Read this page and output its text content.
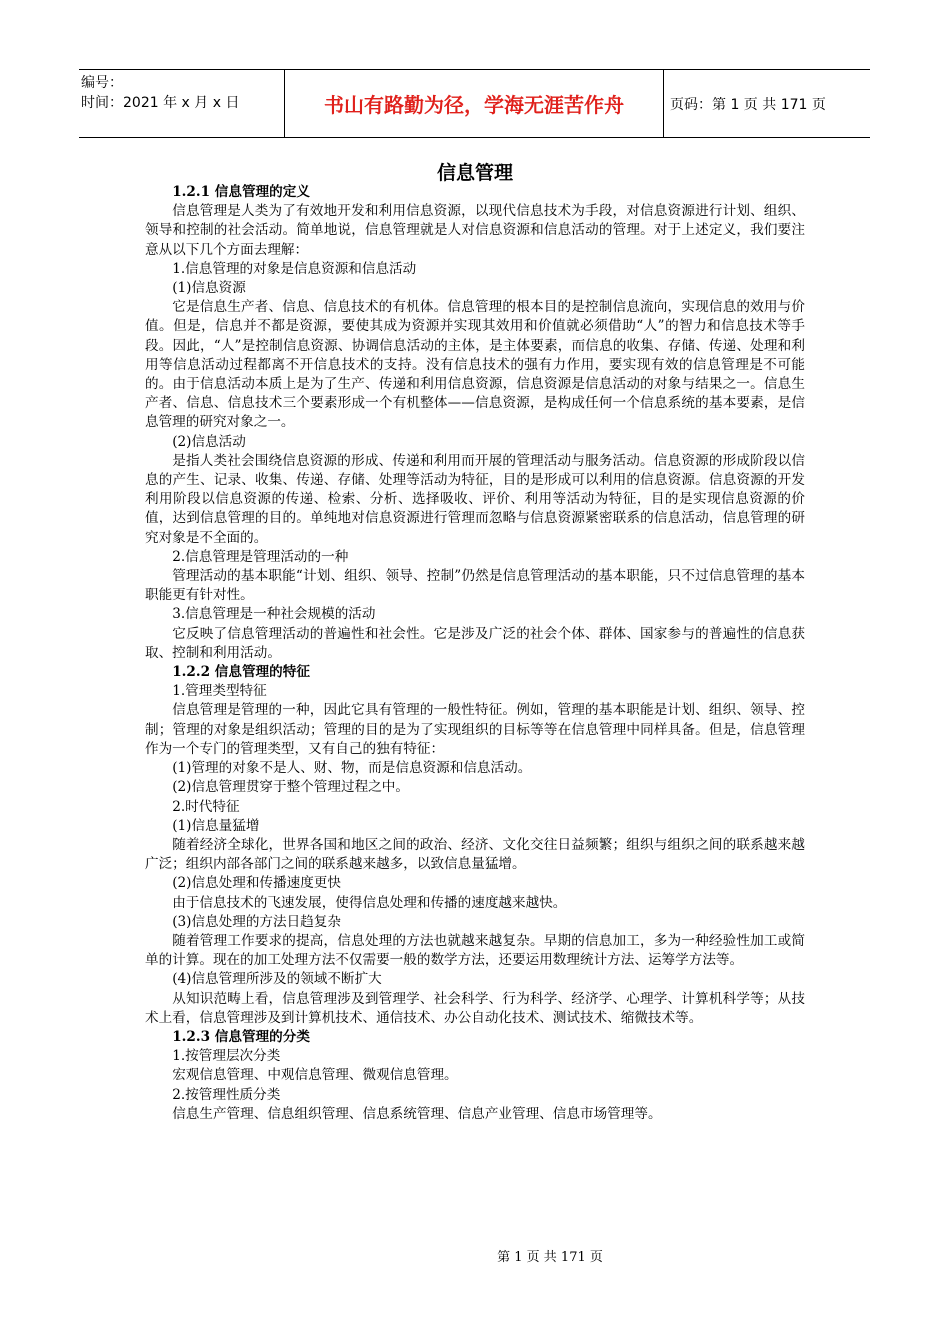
编号：
时间：2021 年 x 月 x 日	书山有路勤为径，学海无涯苦作舟	页码：第 1 页 共 171 页
信息管理
1.2.1 信息管理的定义

信息管理是人类为了有效地开发和利用信息资源，以现代信息技术为手段，对信息资源进行计划、组织、领导和控制的社会活动。简单地说，信息管理就是人对信息资源和信息活动的管理。对于上述定义，我们要注意从以下几个方面去理解：

1.信息管理的对象是信息资源和信息活动

(1)信息资源

它是信息生产者、信息、信息技术的有机体。信息管理的根本目的是控制信息流向，实现信息的效用与价值。但是，信息并不都是资源，要使其成为资源并实现其效用和价值就必须借助“人”的智力和信息技术等手段。因此，“人”是控制信息资源、协调信息活动的主体，是主体要素，而信息的收集、存储、传递、处理和利用等信息活动过程都离不开信息技术的支持。没有信息技术的强有力作用，要实现有效的信息管理是不可能的。由于信息活动本质上是为了生产、传递和利用信息资源，信息资源是信息活动的对象与结果之一。信息生产者、信息、信息技术三个要素形成一个有机整体——信息资源，是构成任何一个信息系统的基本要素，是信息管理的研究对象之一。

(2)信息活动

是指人类社会围绕信息资源的形成、传递和利用而开展的管理活动与服务活动。信息资源的形成阶段以信息的产生、记录、收集、传递、存储、处理等活动为特征，目的是形成可以利用的信息资源。信息资源的开发利用阶段以信息资源的传递、检索、分析、选择吸收、评价、利用等活动为特征，目的是实现信息资源的价值，达到信息管理的目的。单纯地对信息资源进行管理而忽略与信息资源紧密联系的信息活动，信息管理的研究对象是不全面的。

2.信息管理是管理活动的一种

管理活动的基本职能“计划、组织、领导、控制”仍然是信息管理活动的基本职能，只不过信息管理的基本职能更有针对性。

3.信息管理是一种社会规模的活动

它反映了信息管理活动的普遍性和社会性。它是涉及广泛的社会个体、群体、国家参与的普遍性的信息获取、控制和利用活动。

1.2.2 信息管理的特征

1.管理类型特征

信息管理是管理的一种，因此它具有管理的一般性特征。例如，管理的基本职能是计划、组织、领导、控制；管理的对象是组织活动；管理的目的是为了实现组织的目标等等在信息管理中同样具备。但是，信息管理作为一个专门的管理类型，又有自己的独有特征：

(1)管理的对象不是人、财、物，而是信息资源和信息活动。

(2)信息管理贯穿于整个管理过程之中。

2.时代特征

(1)信息量猛增

随着经济全球化，世界各国和地区之间的政治、经济、文化交往日益频繁；组织与组织之间的联系越来越广泛；组织内部各部门之间的联系越来越多，以致信息量猛增。

(2)信息处理和传播速度更快

由于信息技术的飞速发展，使得信息处理和传播的速度越来越快。

(3)信息处理的方法日趋复杂

随着管理工作要求的提高，信息处理的方法也就越来越复杂。早期的信息加工，多为一种经验性加工或简单的计算。现在的加工处理方法不仅需要一般的数学方法，还要运用数理统计方法、运筹学方法等。

(4)信息管理所涉及的领域不断扩大

从知识范畴上看，信息管理涉及到管理学、社会科学、行为科学、经济学、心理学、计算机科学等；从技术上看，信息管理涉及到计算机技术、通信技术、办公自动化技术、测试技术、缩微技术等。

1.2.3 信息管理的分类

1.按管理层次分类

宏观信息管理、中观信息管理、微观信息管理。

2.按管理性质分类

信息生产管理、信息组织管理、信息系统管理、信息产业管理、信息市场管理等。

第 1 页 共 171 页
